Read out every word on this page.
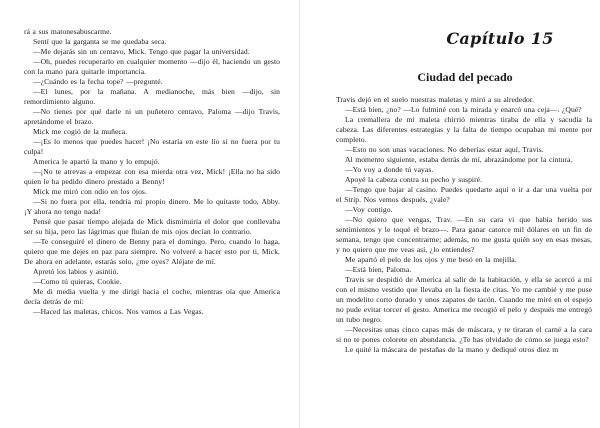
rá a sus matonesabuscarme.

Sentí que la garganta se me quedaba seca.

—Me dejarás sin un centavo, Mick. Tengo que pagar la universidad.

—Oh, puedes recuperarlo en cualquier momento —dijo él, haciendo un gesto con la mano para quitarle importancia.

—¿Cuándo es la fecha tope? —pregunté.

—El lunes, por la mañana. A medianoche, más bien —dijo, sin remordimiento alguno.

—No tienes por qué darle ni un puñetero centavo, Paloma —dijo Travis, apretándome el brazo.

Mick me cogió de la muñeca.

—¡Es lo menos que puedes hacer! ¡No estaría en este lío si no fuera por tu culpa!

America le apartó la mano y lo empujó.

—¡No te atrevas a empezar con esa mierda otra vez, Mick! ¡Ella no ha sido quien le ha pedido dinero prestado a Benny!

Mick me miró con odio en los ojos.

—Si no fuera por ella, tendría mi propio dinero. Me lo quitaste todo, Abby. ¡Y ahora no tengo nada!

Pensé que pasar tiempo alejada de Mick disminuiría el dolor que conllevaba ser su hija, pero las lágrimas que fluían de mis ojos decían lo contrario.

—Te conseguiré el dinero de Benny para el domingo. Pero, cuando lo haga, quiero que me dejes en paz para siempre. No volveré a hacer esto por ti, Mick. De ahora en adelante, estarás solo, ¿me oyes? Aléjate de mí.

Apretó los labios y asintió.

—Como tú quieras, Cookie.

Me di media vuelta y me dirigí hacia el coche, mientras oía que America decía detrás de mí:

—Haced las maletas, chicos. Nos vamos a Las Vegas.

Capítulo 15
Ciudad del pecado

Travis dejó en el suelo nuestras maletas y miró a su alrededor.

—Está bien, ¿no? —Lo fulminé con la mirada y enarcó una ceja—. ¿Qué?

La cremallera de mi maleta chirrió mientras tiraba de ella y sacudía la cabeza. Las diferentes estrategias y la falta de tiempo ocupaban mi mente por completo.

—Esto no son unas vacaciones. No deberías estar aquí, Travis.

Al momento siguiente, estaba detrás de mí, abrazándome por la cintura.

—Yo voy a donde tú vayas.

Apoyé la cabeza contra su pecho y suspiré.

—Tengo que bajar al casino. Puedes quedarte aquí o ir a dar una vuelta por el Strip. Nos vemos después, ¿vale?

—Voy contigo.

—No quiero que vengas, Trav. —En su cara vi que había herido sus sentimientos y le toqué el brazo—. Para ganar catorce mil dólares en un fin de semana, tengo que concentrarme; además, no me gusta quién soy en esas mesas, y no quiero que me veas así, ¿lo entiendes?

Me apartó el pelo de los ojos y me besó en la mejilla.

—Está bien, Paloma.

Travis se despidió de America al salir de la habitación, y ella se acercó a mí con el mismo vestido que llevaba en la fiesta de citas. Yo me cambié y me puse un modelito corto dorado y unos zapatos de tacón. Cuando me miré en el espejo no pude evitar torcer el gesto. America me recogió el pelo y después me entregó un tubo negro.

—Necesitas unas cinco capas más de máscara, y te tiraran el carné a la cara si no te pones colorete en abundancia. ¿Te has olvidado de cómo se juega esto?

Le quité la máscara de pestañas de la mano y dediqué otros diez m
